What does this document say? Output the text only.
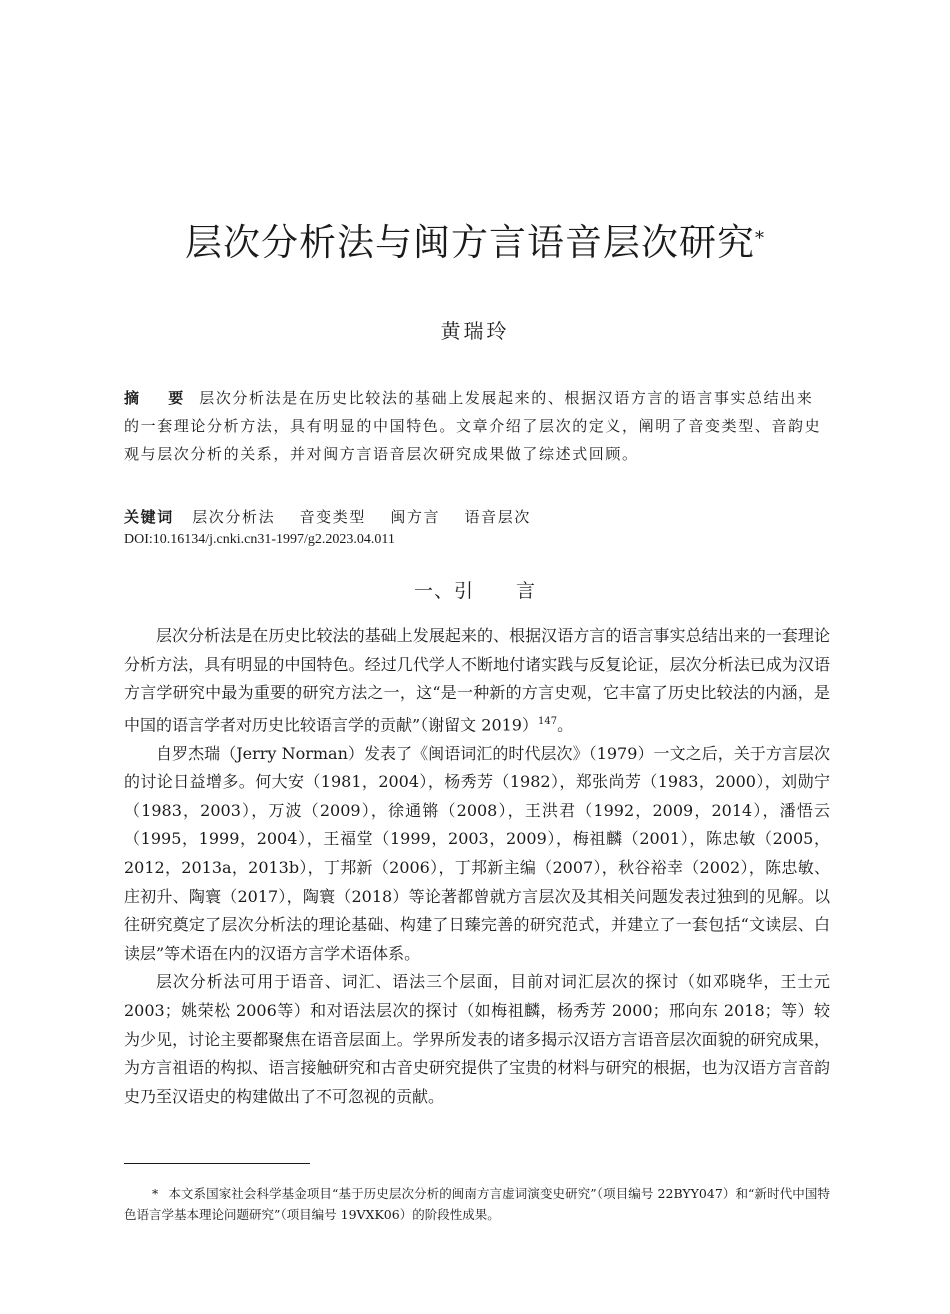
层次分析法与闽方言语音层次研究*
黄瑞玲
摘 要 层次分析法是在历史比较法的基础上发展起来的、根据汉语方言的语言事实总结出来的一套理论分析方法，具有明显的中国特色。文章介绍了层次的定义，阐明了音变类型、音韵史观与层次分析的关系，并对闽方言语音层次研究成果做了综述式回顾。
关键词 层次分析法 音变类型 闽方言 语音层次
DOI:10.16134/j.cnki.cn31-1997/g2.2023.04.011
一、引 言

层次分析法是在历史比较法的基础上发展起来的、根据汉语方言的语言事实总结出来的一套理论分析方法，具有明显的中国特色。经过几代学人不断地付诸实践与反复论证，层次分析法已成为汉语方言学研究中最为重要的研究方法之一，这“是一种新的方言史观，它丰富了历史比较法的内涵，是中国的语言学者对历史比较语言学的贡献”（谢留文 2019）$^{147}$。

自罗杰瑞（Jerry Norman）发表了《闽语词汇的时代层次》（1979）一文之后，关于方言层次的讨论日益增多。何大安（1981，2004），杨秀芳（1982），郑张尚芳（1983，2000），刘勋宁（1983，2003），万波（2009），徐通锵（2008），王洪君（1992，2009，2014），潘悟云（1995，1999，2004），王福堂（1999，2003，2009），梅祖麟（2001），陈忠敏（2005，2012，2013a，2013b），丁邦新（2006），丁邦新主编（2007），秋谷裕幸（2002），陈忠敏、庄初升、陶寰（2017），陶寰（2018）等论著都曾就方言层次及其相关问题发表过独到的见解。以往研究奠定了层次分析法的理论基础、构建了日臻完善的研究范式，并建立了一套包括“文读层、白读层”等术语在内的汉语方言学术语体系。

层次分析法可用于语音、词汇、语法三个层面，目前对词汇层次的探讨（如邓晓华，王士元 2003；姚荣松 2006等）和对语法层次的探讨（如梅祖麟，杨秀芳 2000；邢向东 2018；等）较为少见，讨论主要都聚焦在语音层面上。学界所发表的诸多揭示汉语方言语音层次面貌的研究成果，为方言祖语的构拟、语言接触研究和古音史研究提供了宝贵的材料与研究的根据，也为汉语方言音韵史乃至汉语史的构建做出了不可忽视的贡献。

* 本文系国家社会科学基金项目“基于历史层次分析的闽南方言虚词演变史研究”（项目编号 22BYY047）和“新时代中国特色语言学基本理论问题研究”（项目编号 19VXK06）的阶段性成果。
